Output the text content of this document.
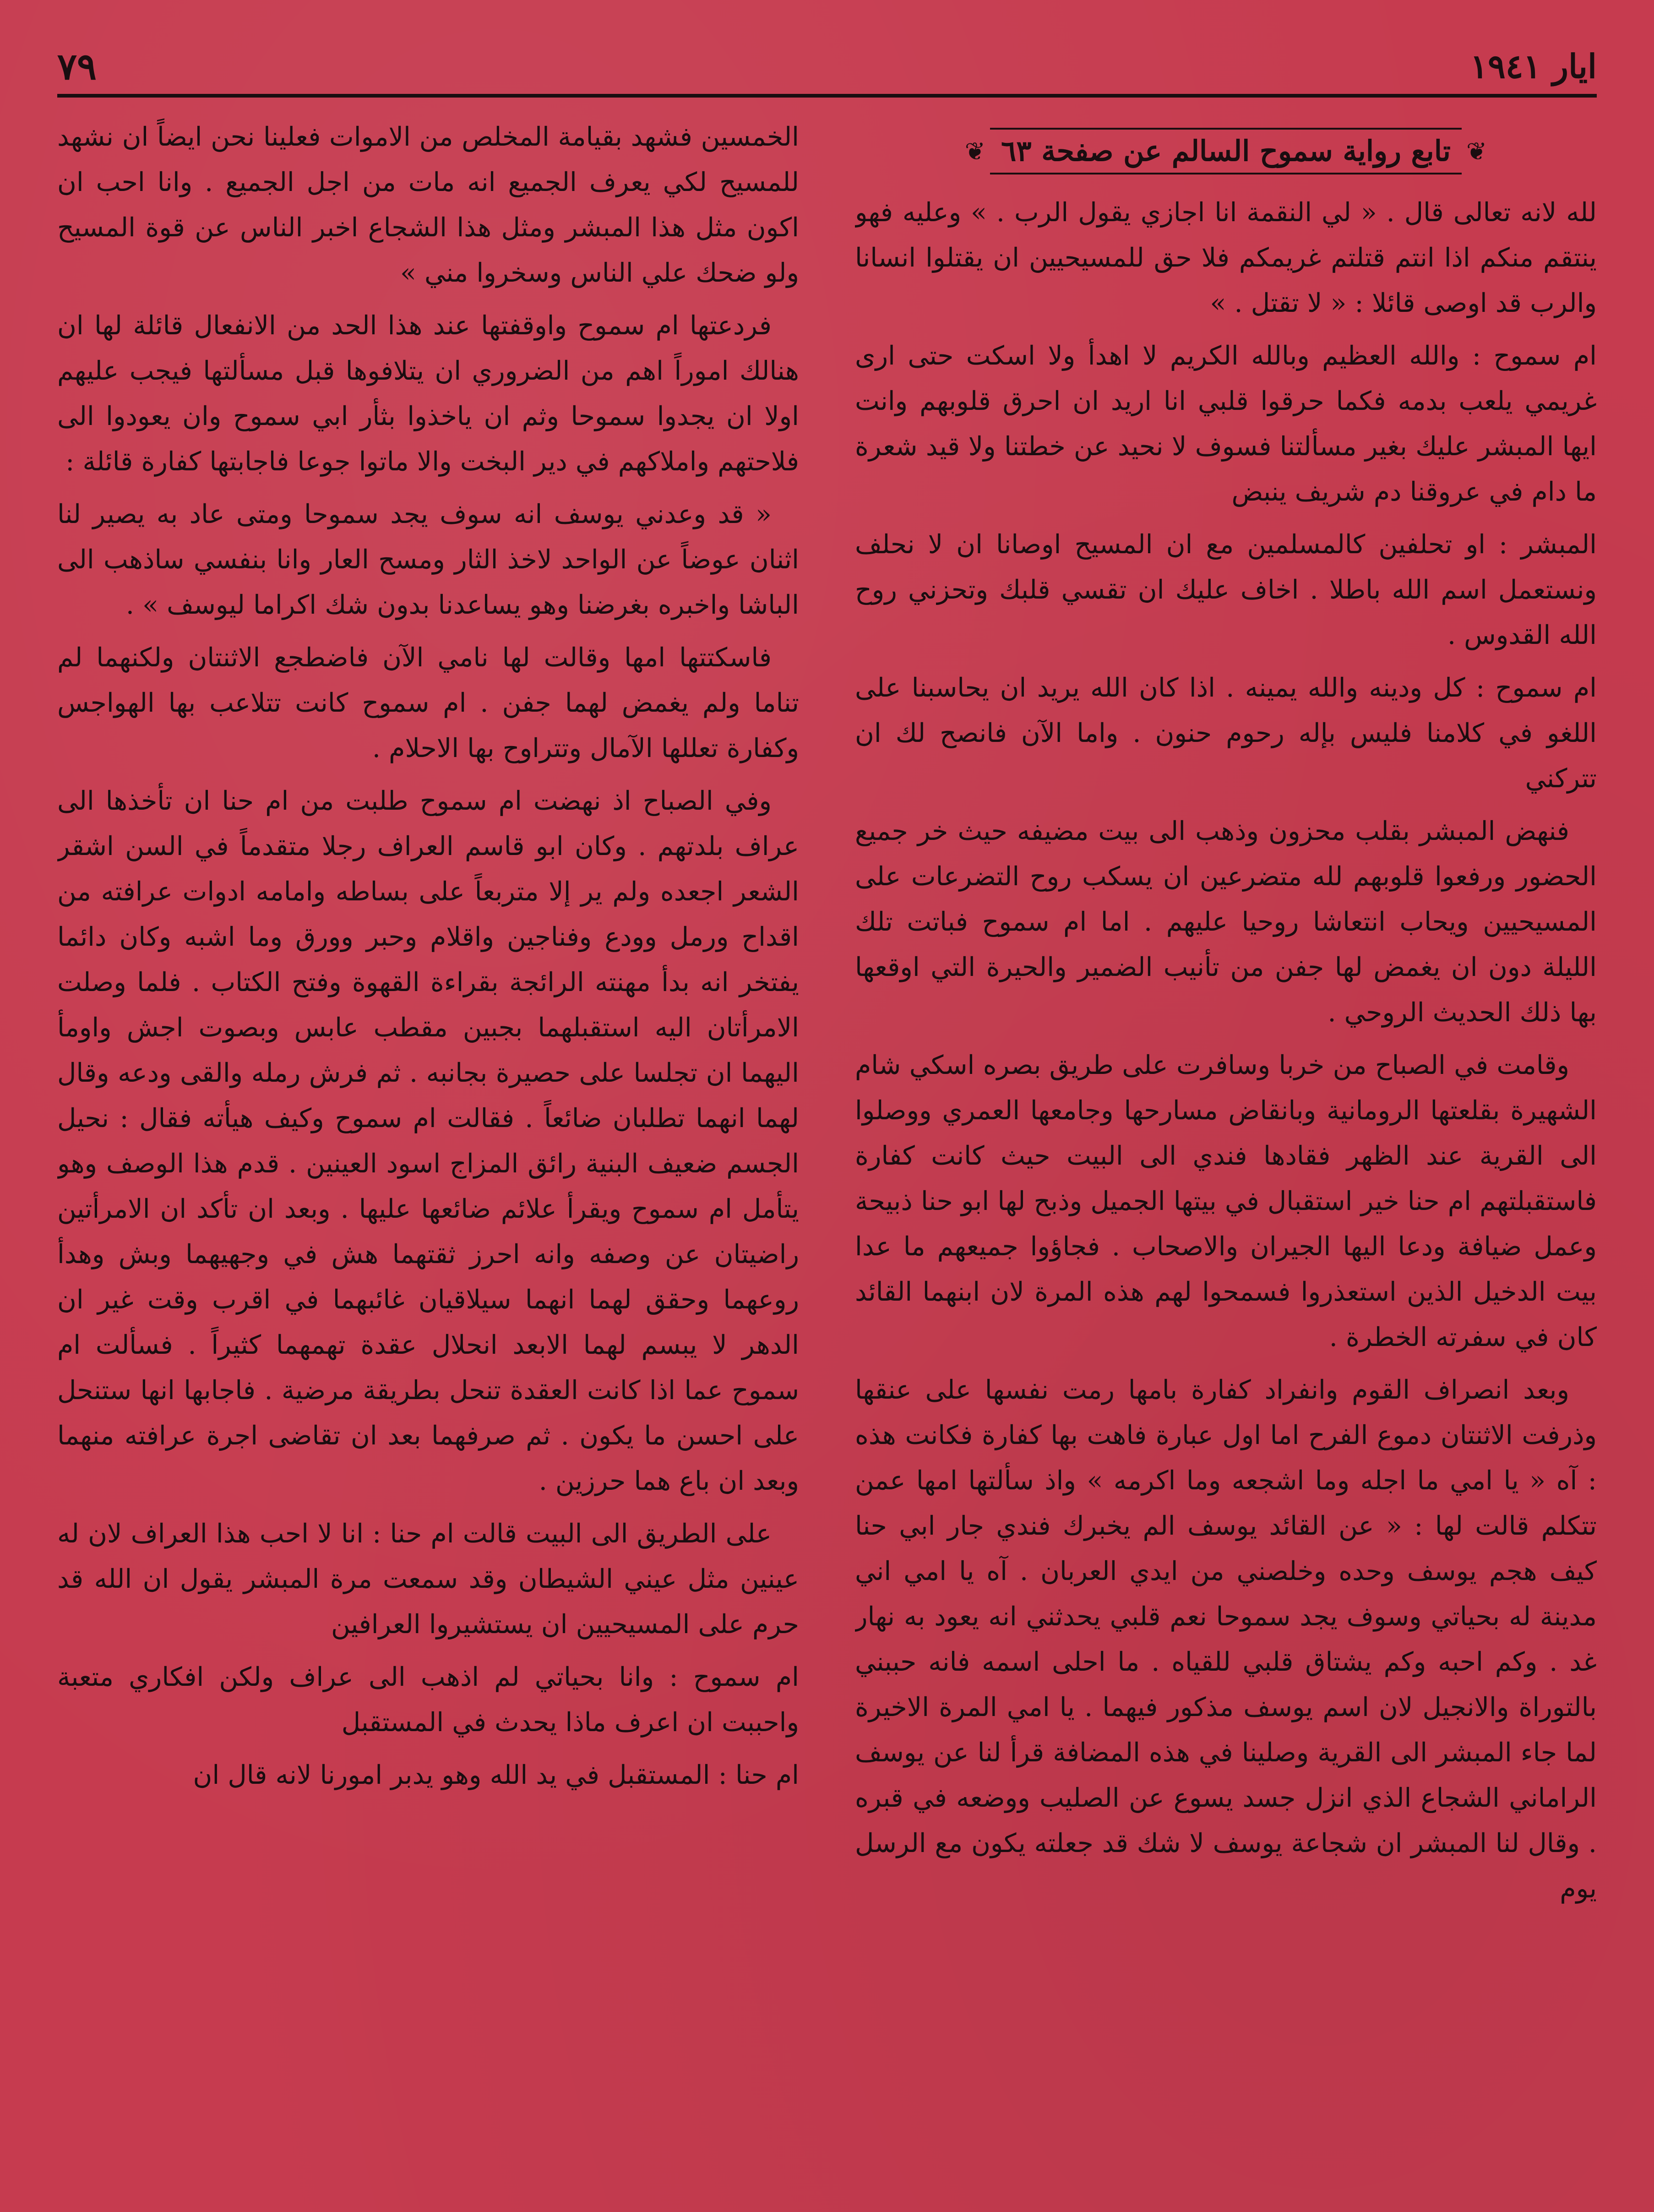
ايار ١٩٤١
٧٩
❦
تابع رواية سموح السالم عن صفحة ٦٣
❦

لله لانه تعالى قال . « لي النقمة انا اجازي يقول الرب . » وعليه فهو ينتقم منكم اذا انتم قتلتم غريمكم فلا حق للمسيحيين ان يقتلوا انسانا والرب قد اوصى قائلا : « لا تقتل . »

ام سموح : والله العظيم وبالله الكريم لا اهدأ ولا اسكت حتى ارى غريمي يلعب بدمه فكما حرقوا قلبي انا اريد ان احرق قلوبهم وانت ايها المبشر عليك بغير مسألتنا فسوف لا نحيد عن خطتنا ولا قيد شعرة ما دام في عروقنا دم شريف ينبض

المبشر : او تحلفين كالمسلمين مع ان المسيح اوصانا ان لا نحلف ونستعمل اسم الله باطلا . اخاف عليك ان تقسي قلبك وتحزني روح الله القدوس .

ام سموح : كل ودينه والله يمينه . اذا كان الله يريد ان يحاسبنا على اللغو في كلامنا فليس بإله رحوم حنون . واما الآن فانصح لك ان تتركني

فنهض المبشر بقلب محزون وذهب الى بيت مضيفه حيث خر جميع الحضور ورفعوا قلوبهم لله متضرعين ان يسكب روح التضرعات على المسيحيين ويحاب انتعاشا روحيا عليهم . اما ام سموح فباتت تلك الليلة دون ان يغمض لها جفن من تأنيب الضمير والحيرة التي اوقعها بها ذلك الحديث الروحي .

وقامت في الصباح من خربا وسافرت على طريق بصره اسكي شام الشهيرة بقلعتها الرومانية وبانقاض مسارحها وجامعها العمري ووصلوا الى القرية عند الظهر فقادها فندي الى البيت حيث كانت كفارة فاستقبلتهم ام حنا خير استقبال في بيتها الجميل وذبح لها ابو حنا ذبيحة وعمل ضيافة ودعا اليها الجيران والاصحاب . فجاؤوا جميعهم ما عدا بيت الدخيل الذين استعذروا فسمحوا لهم هذه المرة لان ابنهما القائد كان في سفرته الخطرة .

وبعد انصراف القوم وانفراد كفارة بامها رمت نفسها على عنقها وذرفت الاثنتان دموع الفرح اما اول عبارة فاهت بها كفارة فكانت هذه : آه « يا امي ما اجله وما اشجعه وما اكرمه » واذ سألتها امها عمن تتكلم قالت لها : « عن القائد يوسف الم يخبرك فندي جار ابي حنا كيف هجم يوسف وحده وخلصني من ايدي العربان . آه يا امي اني مدينة له بحياتي وسوف يجد سموحا نعم قلبي يحدثني انه يعود به نهار غد . وكم احبه وكم يشتاق قلبي للقياه . ما احلى اسمه فانه حببني بالتوراة والانجيل لان اسم يوسف مذكور فيهما . يا امي المرة الاخيرة لما جاء المبشر الى القرية وصلينا في هذه المضافة قرأ لنا عن يوسف الراماني الشجاع الذي انزل جسد يسوع عن الصليب ووضعه في قبره . وقال لنا المبشر ان شجاعة يوسف لا شك قد جعلته يكون مع الرسل يوم

الخمسين فشهد بقيامة المخلص من الاموات فعلينا نحن ايضاً ان نشهد للمسيح لكي يعرف الجميع انه مات من اجل الجميع . وانا احب ان اكون مثل هذا المبشر ومثل هذا الشجاع اخبر الناس عن قوة المسيح ولو ضحك علي الناس وسخروا مني »

فردعتها ام سموح واوقفتها عند هذا الحد من الانفعال قائلة لها ان هنالك اموراً اهم من الضروري ان يتلافوها قبل مسألتها فيجب عليهم اولا ان يجدوا سموحا وثم ان ياخذوا بثأر ابي سموح وان يعودوا الى فلاحتهم واملاكهم في دير البخت والا ماتوا جوعا فاجابتها كفارة قائلة :

« قد وعدني يوسف انه سوف يجد سموحا ومتى عاد به يصير لنا اثنان عوضاً عن الواحد لاخذ الثار ومسح العار وانا بنفسي ساذهب الى الباشا واخبره بغرضنا وهو يساعدنا بدون شك اكراما ليوسف » .

فاسكتتها امها وقالت لها نامي الآن فاضطجع الاثنتان ولكنهما لم تناما ولم يغمض لهما جفن . ام سموح كانت تتلاعب بها الهواجس وكفارة تعللها الآمال وتتراوح بها الاحلام .

وفي الصباح اذ نهضت ام سموح طلبت من ام حنا ان تأخذها الى عراف بلدتهم . وكان ابو قاسم العراف رجلا متقدماً في السن اشقر الشعر اجعده ولم ير إلا متربعاً على بساطه وامامه ادوات عرافته من اقداح ورمل وودع وفناجين واقلام وحبر وورق وما اشبه وكان دائما يفتخر انه بدأ مهنته الرائجة بقراءة القهوة وفتح الكتاب . فلما وصلت الامرأتان اليه استقبلهما بجبين مقطب عابس وبصوت اجش واومأ اليهما ان تجلسا على حصيرة بجانبه . ثم فرش رمله والقى ودعه وقال لهما انهما تطلبان ضائعاً . فقالت ام سموح وكيف هيأته فقال : نحيل الجسم ضعيف البنية رائق المزاج اسود العينين . قدم هذا الوصف وهو يتأمل ام سموح ويقرأ علائم ضائعها عليها . وبعد ان تأكد ان الامرأتين راضيتان عن وصفه وانه احرز ثقتهما هش في وجهيهما وبش وهدأ روعهما وحقق لهما انهما سيلاقيان غائبهما في اقرب وقت غير ان الدهر لا يبسم لهما الابعد انحلال عقدة تهمهما كثيراً . فسألت ام سموح عما اذا كانت العقدة تنحل بطريقة مرضية . فاجابها انها ستنحل على احسن ما يكون . ثم صرفهما بعد ان تقاضى اجرة عرافته منهما وبعد ان باع هما حرزين .

على الطريق الى البيت قالت ام حنا : انا لا احب هذا العراف لان له عينين مثل عيني الشيطان وقد سمعت مرة المبشر يقول ان الله قد حرم على المسيحيين ان يستشيروا العرافين

ام سموح : وانا بحياتي لم اذهب الى عراف ولكن افكاري متعبة واحببت ان اعرف ماذا يحدث في المستقبل

ام حنا : المستقبل في يد الله وهو يدبر امورنا لانه قال ان
